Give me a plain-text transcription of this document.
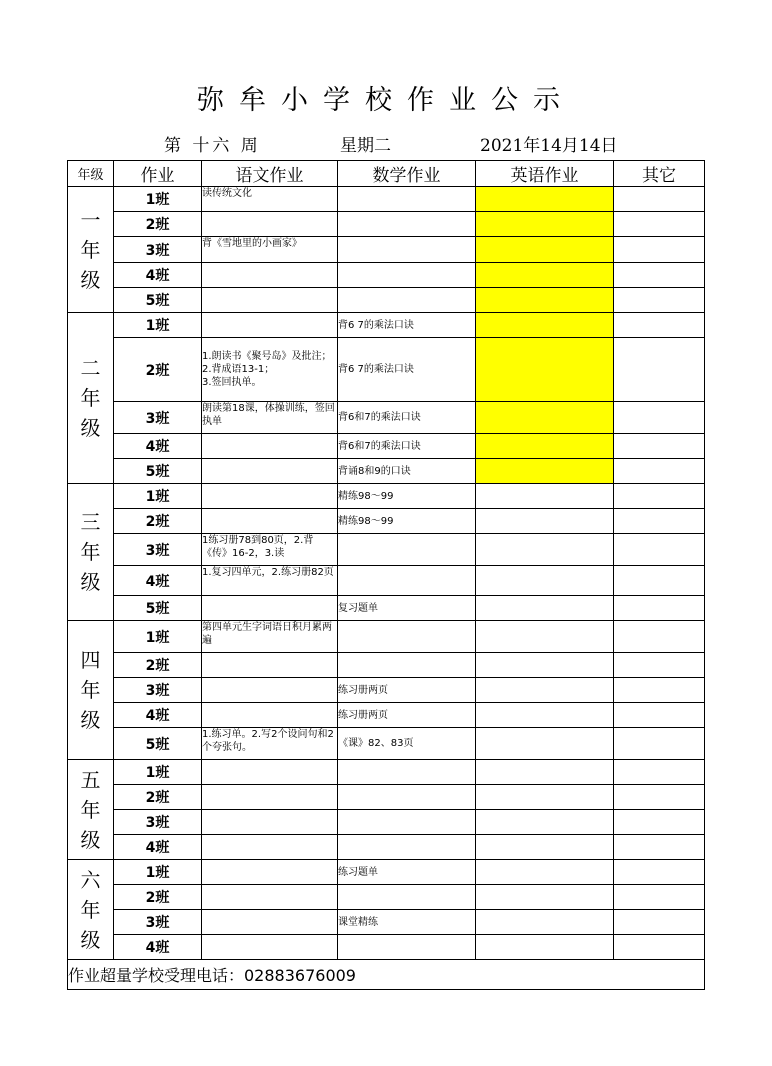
弥牟小学校作业公示
第 十六 周	星期二	2021年14月14日
年级	作业	语文作业	数学作业	英语作业	其它

一
年
级	1班	读传统文化			
	2班				
	3班	背《雪地里的小画家》			
	4班				
	5班				

二
年
级	1班		背6 7的乘法口诀		
	2班	1.朗读书《聚号岛》及批注；
2.背成语13-1；
3.签回执单。	背6 7的乘法口诀		
	3班	朗读第18课，体操训练，签回执单	背6和7的乘法口诀		
	4班		背6和7的乘法口诀		
	5班		背诵8和9的口诀		

三
年
级	1班		精练98～99		
	2班		精练98～99		
	3班	1练习册78到80页，2.背《传》16-2，3.读			
	4班	1.复习四单元，2.练习册82页			
	5班		复习题单		

四
年
级	1班	第四单元生字词语日积月累两遍			
	2班				
	3班		练习册两页		
	4班		练习册两页		
	5班	1.练习单。2.写2个设问句和2个夸张句。	《课》82、83页		

五
年
级	1班				
	2班				
	3班				
	4班				

六
年
级	1班		练习题单		
	2班				
	3班		课堂精练		
	4班				
作业超量学校受理电话：02883676009					
